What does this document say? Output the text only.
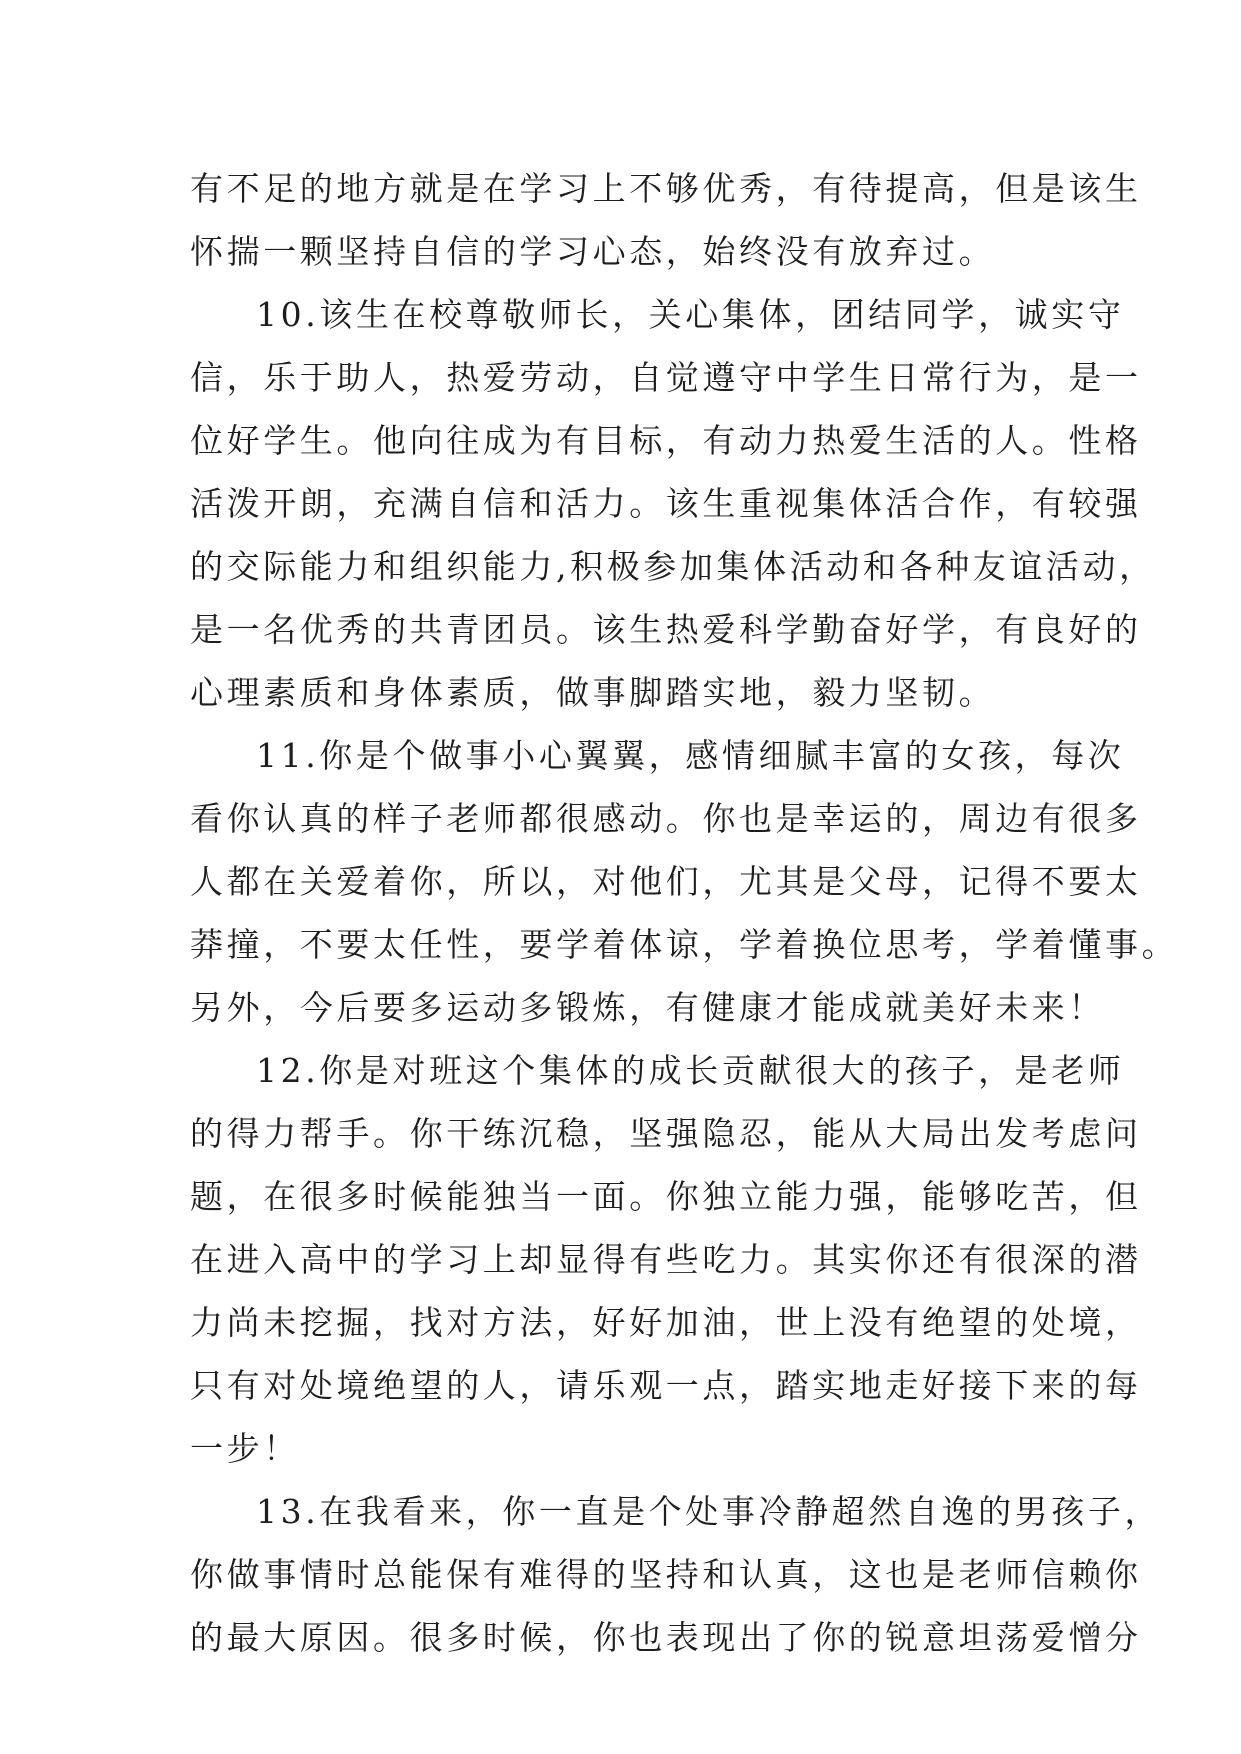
有不足的地方就是在学习上不够优秀，有待提高，但是该生
怀揣一颗坚持自信的学习心态，始终没有放弃过。
10.该生在校尊敬师长，关心集体，团结同学，诚实守
信，乐于助人，热爱劳动，自觉遵守中学生日常行为，是一
位好学生。他向往成为有目标，有动力热爱生活的人。性格
活泼开朗，充满自信和活力。该生重视集体活合作，有较强
的交际能力和组织能力,积极参加集体活动和各种友谊活动，
是一名优秀的共青团员。该生热爱科学勤奋好学，有良好的
心理素质和身体素质，做事脚踏实地，毅力坚韧。
11.你是个做事小心翼翼，感情细腻丰富的女孩，每次
看你认真的样子老师都很感动。你也是幸运的，周边有很多
人都在关爱着你，所以，对他们，尤其是父母，记得不要太
莽撞，不要太任性，要学着体谅，学着换位思考，学着懂事。
另外，今后要多运动多锻炼，有健康才能成就美好未来！
12.你是对班这个集体的成长贡献很大的孩子，是老师
的得力帮手。你干练沉稳，坚强隐忍，能从大局出发考虑问
题，在很多时候能独当一面。你独立能力强，能够吃苦，但
在进入高中的学习上却显得有些吃力。其实你还有很深的潜
力尚未挖掘，找对方法，好好加油，世上没有绝望的处境，
只有对处境绝望的人，请乐观一点，踏实地走好接下来的每
一步！
13.在我看来，你一直是个处事冷静超然自逸的男孩子，
你做事情时总能保有难得的坚持和认真，这也是老师信赖你
的最大原因。很多时候，你也表现出了你的锐意坦荡爱憎分
